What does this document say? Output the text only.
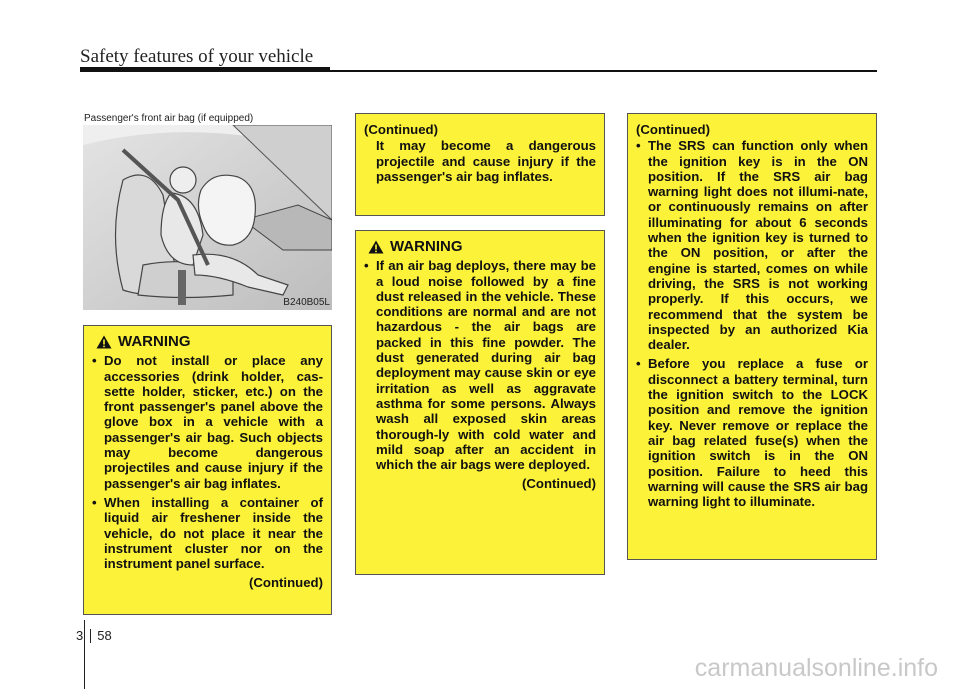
Safety features of your vehicle
Passenger's front air bag (if equipped)
B240B05L
WARNING
• Do not install or place any accessories (drink holder, cas-sette holder, sticker, etc.) on the front passenger's panel above the glove box in a vehicle with a passenger's air bag. Such objects may become dangerous projectiles and cause injury if the passenger's air bag inflates.
• When installing a container of liquid air freshener inside the vehicle, do not place it near the instrument cluster nor on the instrument panel surface.
(Continued)
(Continued)
It may become a dangerous projectile and cause injury if the passenger's air bag inflates.
WARNING
• If an air bag deploys, there may be a loud noise followed by a fine dust released in the vehicle. These conditions are normal and are not hazardous - the air bags are packed in this fine powder. The dust generated during air bag deployment may cause skin or eye irritation as well as aggravate asthma for some persons. Always wash all exposed skin areas thorough-ly with cold water and mild soap after an accident in which the air bags were deployed.
(Continued)
(Continued)
• The SRS can function only when the ignition key is in the ON position. If the SRS air bag warning light does not illumi-nate, or continuously remains on after illuminating for about 6 seconds when the ignition key is turned to the ON position, or after the engine is started, comes on while driving, the SRS is not working properly. If this occurs, we recommend that the system be inspected by an authorized Kia dealer.
• Before you replace a fuse or disconnect a battery terminal, turn the ignition switch to the LOCK position and remove the ignition key. Never remove or replace the air bag related fuse(s) when the ignition switch is in the ON position. Failure to heed this warning will cause the SRS air bag warning light to illuminate.
3 58
carmanualsonline.info
